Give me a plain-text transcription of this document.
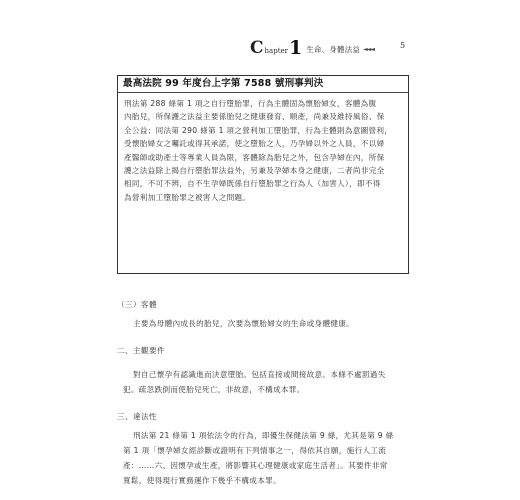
C hapter 1 生命、身體法益 ◄◄◄	5
最高法院 99 年度台上字第 7588 號刑事判決
刑法第 288 條第 1 項之自行墮胎罪，行為主體固為懷胎婦女，客體為腹
內胎兒，所保護之法益主要係胎兒之健康發育、順產，尚兼及維持風俗、保
全公益；同法第 290 條第 1 項之營利加工墮胎罪，行為主體則為意圖營利，
受懷胎婦女之囑託或得其承諾，使之墮胎之人，乃孕婦以外之人員，不以婦
產醫師或助產士等專業人員為限，客體除為胎兒之外，包含孕婦在內，所保
護之法益除上揭自行墮胎罪法益外，另兼及孕婦本身之健康，二者尚非完全
相同，不可不辨，自不生孕婦既係自行墮胎罪之行為人（加害人），即不得
為營利加工墮胎罪之被害人之問題。
（三）客體
主要為母體內成長的胎兒，次要為懷胎婦女的生命或身體健康。
二、主觀要件
對自己懷孕有認識進而決意墮胎。包括直接或間接故意。本條不處罰過失
犯。疏忽跌倒而使胎兒死亡，非故意，不構成本罪。
三、違法性
刑法第 21 條第 1 項依法令的行為，即優生保健法第 9 條，尤其是第 9 條
第 1 項「懷孕婦女經診斷或證明有下列情事之一，得依其自願，施行人工流
產：……六、因懷孕或生產，將影響其心理健康或家庭生活者」。其要件非常
寬鬆，使得現行實務運作下幾乎不構成本罪。
